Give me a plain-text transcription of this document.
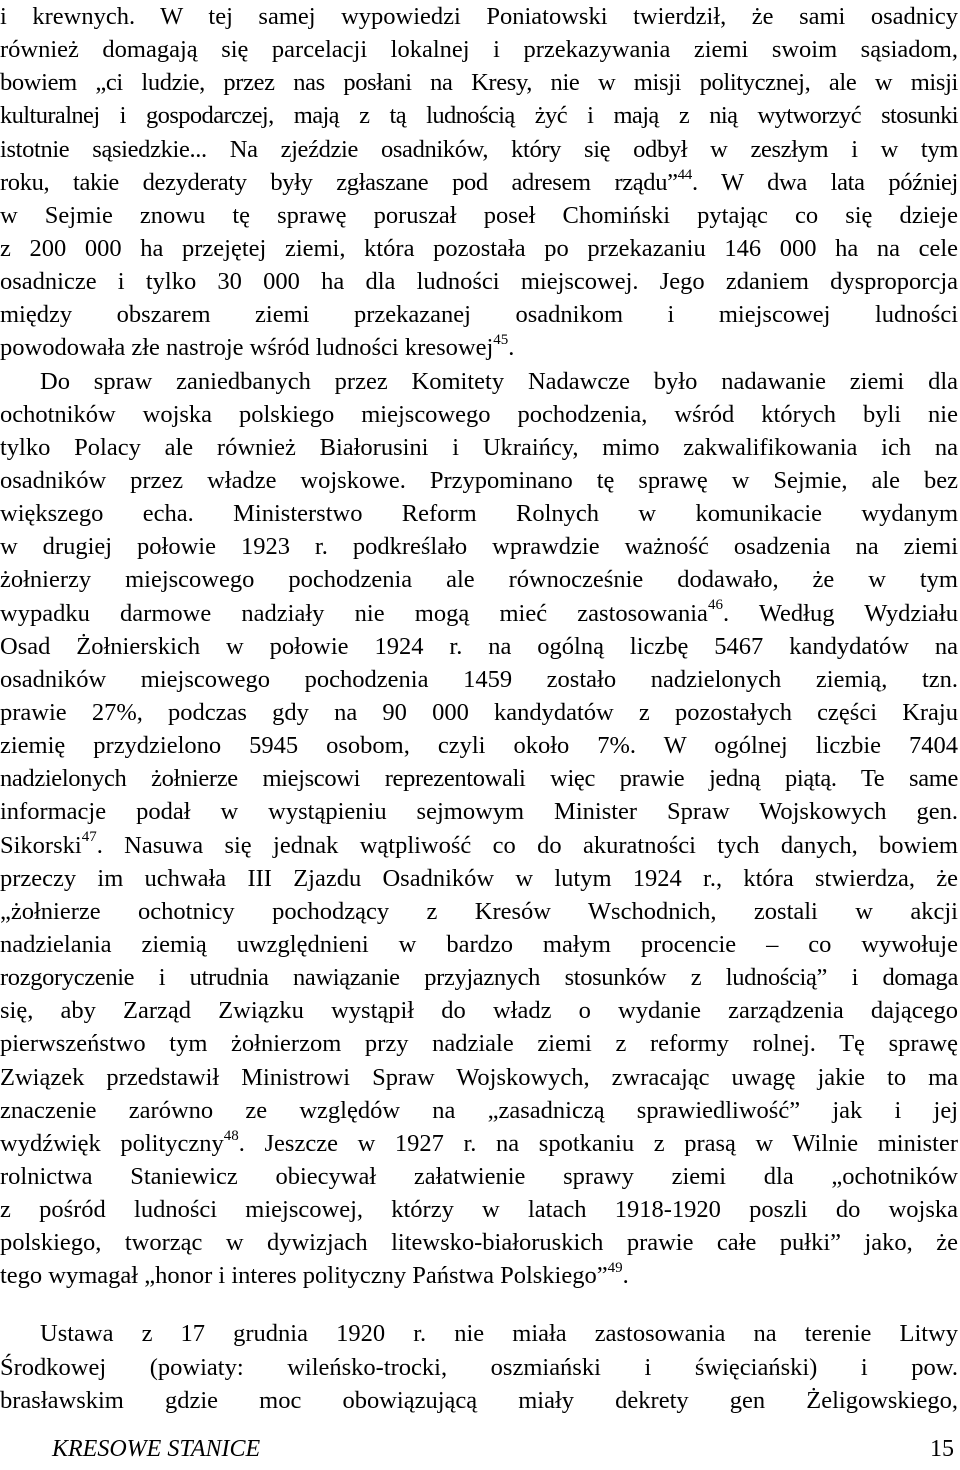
i krewnych. W tej samej wypowiedzi Poniatowski twierdził, że sami osadnicy
również domagają się parcelacji lokalnej i przekazywania ziemi swoim sąsiadom,
bowiem „ci ludzie, przez nas posłani na Kresy, nie w misji politycznej, ale w misji
kulturalnej i gospodarczej, mają z tą ludnością żyć i mają z nią wytworzyć stosunki
istotnie sąsiedzkie... Na zjeździe osadników, który się odbył w zeszłym i w tym
roku, takie dezyderaty były zgłaszane pod adresem rządu”$^{44}$. W dwa lata później
w Sejmie znowu tę sprawę poruszał poseł Chomiński pytając co się dzieje
z 200 000 ha przejętej ziemi, która pozostała po przekazaniu 146 000 ha na cele
osadnicze i tylko 30 000 ha dla ludności miejscowej. Jego zdaniem dysproporcja
między obszarem ziemi przekazanej osadnikom i miejscowej ludności
powodowała złe nastroje wśród ludności kresowej$^{45}$.
Do spraw zaniedbanych przez Komitety Nadawcze było nadawanie ziemi dla
ochotników wojska polskiego miejscowego pochodzenia, wśród których byli nie
tylko Polacy ale również Białorusini i Ukraińcy, mimo zakwalifikowania ich na
osadników przez władze wojskowe. Przypominano tę sprawę w Sejmie, ale bez
większego echa. Ministerstwo Reform Rolnych w komunikacie wydanym
w drugiej połowie 1923 r. podkreślało wprawdzie ważność osadzenia na ziemi
żołnierzy miejscowego pochodzenia ale równocześnie dodawało, że w tym
wypadku darmowe nadziały nie mogą mieć zastosowania$^{46}$. Według Wydziału
Osad Żołnierskich w połowie 1924 r. na ogólną liczbę 5467 kandydatów na
osadników miejscowego pochodzenia 1459 zostało nadzielonych ziemią, tzn.
prawie 27%, podczas gdy na 90 000 kandydatów z pozostałych części Kraju
ziemię przydzielono 5945 osobom, czyli około 7%. W ogólnej liczbie 7404
nadzielonych żołnierze miejscowi reprezentowali więc prawie jedną piątą. Te same
informacje podał w wystąpieniu sejmowym Minister Spraw Wojskowych gen.
Sikorski$^{47}$. Nasuwa się jednak wątpliwość co do akuratności tych danych, bowiem
przeczy im uchwała III Zjazdu Osadników w lutym 1924 r., która stwierdza, że
„żołnierze ochotnicy pochodzący z Kresów Wschodnich, zostali w akcji
nadzielania ziemią uwzględnieni w bardzo małym procencie – co wywołuje
rozgoryczenie i utrudnia nawiązanie przyjaznych stosunków z ludnością” i domaga
się, aby Zarząd Związku wystąpił do władz o wydanie zarządzenia dającego
pierwszeństwo tym żołnierzom przy nadziale ziemi z reformy rolnej. Tę sprawę
Związek przedstawił Ministrowi Spraw Wojskowych, zwracając uwagę jakie to ma
znaczenie zarówno ze względów na „zasadniczą sprawiedliwość” jak i jej
wydźwięk polityczny$^{48}$. Jeszcze w 1927 r. na spotkaniu z prasą w Wilnie minister
rolnictwa Staniewicz obiecywał załatwienie sprawy ziemi dla „ochotników
z pośród ludności miejscowej, którzy w latach 1918-1920 poszli do wojska
polskiego, tworząc w dywizjach litewsko-białoruskich prawie całe pułki” jako, że
tego wymagał „honor i interes polityczny Państwa Polskiego”$^{49}$.
Ustawa z 17 grudnia 1920 r. nie miała zastosowania na terenie Litwy
Środkowej (powiaty: wileńsko-trocki, oszmiański i święciański) i pow.
brasławskim gdzie moc obowiązującą miały dekrety gen Żeligowskiego,
KRESOWE STANICE	15
